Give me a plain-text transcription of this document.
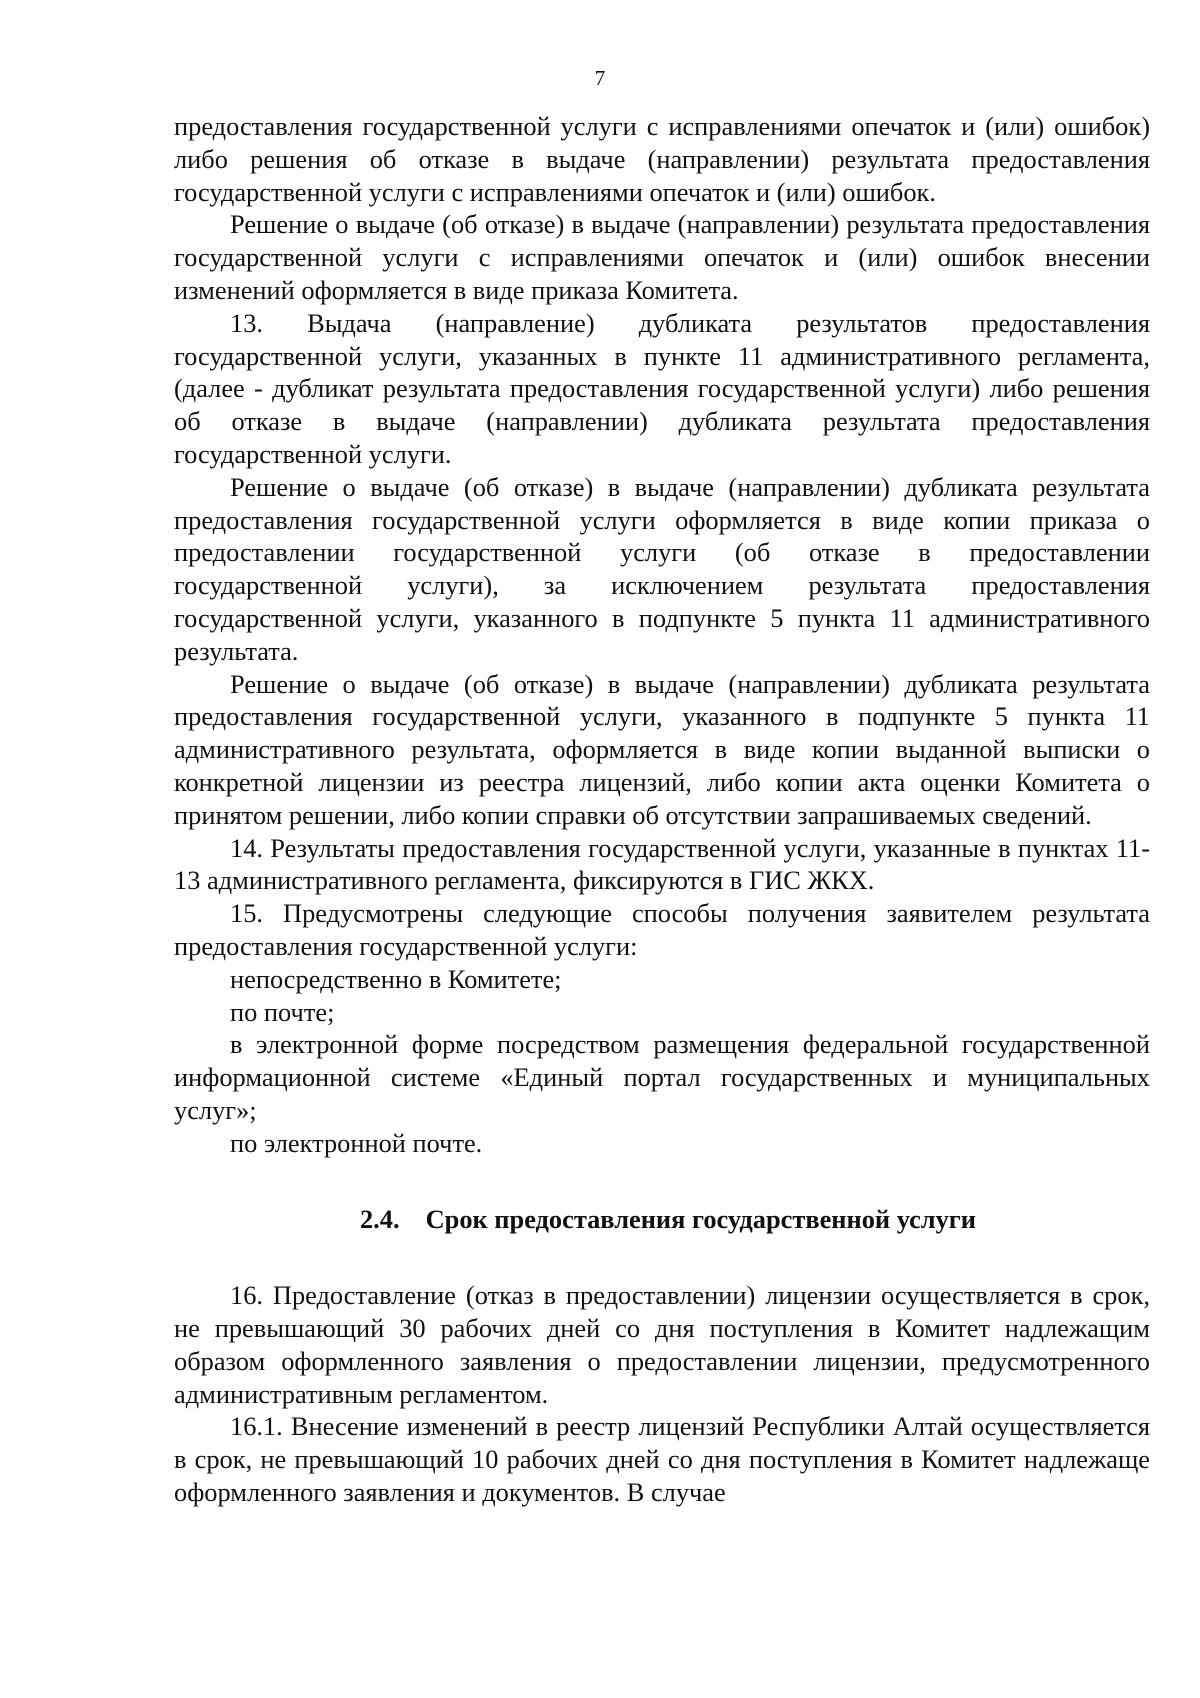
7

предоставления государственной услуги с исправлениями опечаток и (или) ошибок) либо решения об отказе в выдаче (направлении) результата предоставления государственной услуги с исправлениями опечаток и (или) ошибок.

Решение о выдаче (об отказе) в выдаче (направлении) результата предоставления государственной услуги с исправлениями опечаток и (или) ошибок внесении изменений оформляется в виде приказа Комитета.

13. Выдача (направление) дубликата результатов предоставления государственной услуги, указанных в пункте 11 административного регламента, (далее - дубликат результата предоставления государственной услуги) либо решения об отказе в выдаче (направлении) дубликата результата предоставления государственной услуги.

Решение о выдаче (об отказе) в выдаче (направлении) дубликата результата предоставления государственной услуги оформляется в виде копии приказа о предоставлении государственной услуги (об отказе в предоставлении государственной услуги), за исключением результата предоставления государственной услуги, указанного в подпункте 5 пункта 11 административного результата.

Решение о выдаче (об отказе) в выдаче (направлении) дубликата результата предоставления государственной услуги, указанного в подпункте 5 пункта 11 административного результата, оформляется в виде копии выданной выписки о конкретной лицензии из реестра лицензий, либо копии акта оценки Комитета о принятом решении, либо копии справки об отсутствии запрашиваемых сведений.

14. Результаты предоставления государственной услуги, указанные в пунктах 11-13 административного регламента, фиксируются в ГИС ЖКХ.

15. Предусмотрены следующие способы получения заявителем результата предоставления государственной услуги:

непосредственно в Комитете;

по почте;

в электронной форме посредством размещения федеральной государственной информационной системе «Единый портал государственных и муниципальных услуг»;

по электронной почте.

2.4. Срок предоставления государственной услуги

16. Предоставление (отказ в предоставлении) лицензии осуществляется в срок, не превышающий 30 рабочих дней со дня поступления в Комитет надлежащим образом оформленного заявления о предоставлении лицензии, предусмотренного административным регламентом.

16.1. Внесение изменений в реестр лицензий Республики Алтай осуществляется в срок, не превышающий 10 рабочих дней со дня поступления в Комитет надлежаще оформленного заявления и документов. В случае
